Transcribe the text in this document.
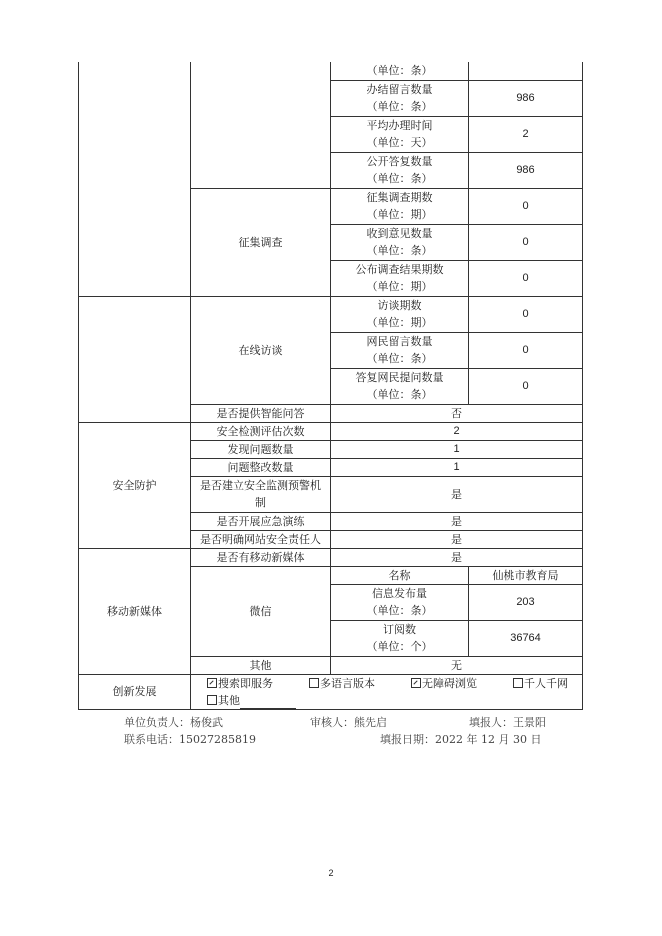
		（单位：条）	

		办结留言数量
（单位：条）	986

		平均办理时间
（单位：天）	2

		公开答复数量
（单位：条）	986
	征集调查	征集调查期数
（单位：期）	0

		收到意见数量
（单位：条）	0

		公布调查结果期数
（单位：期）	0
	在线访谈	访谈期数
（单位：期）	0

		网民留言数量
（单位：条）	0

		答复网民提问数量
（单位：条）	0
	是否提供智能问答	否	
安全防护	安全检测评估次数	2	
	发现问题数量	1	
	问题整改数量	1	

	是否建立安全监测预警机
制	是	
	是否开展应急演练	是	
	是否明确网站安全责任人	是	
移动新媒体	是否有移动新媒体	是	
	微信	名称	仙桃市教育局

		信息发布量
（单位：条）	203

		订阅数
（单位：个）	36764
	其他	无	
创新发展	搜索即服务 多语言版本 无障碍浏览 千人千网
其他		
单位负责人：杨俊武	审核人：熊先启	填报人：王景阳
联系电话：15027285819	填报日期：2022 年 12 月 30 日
2
